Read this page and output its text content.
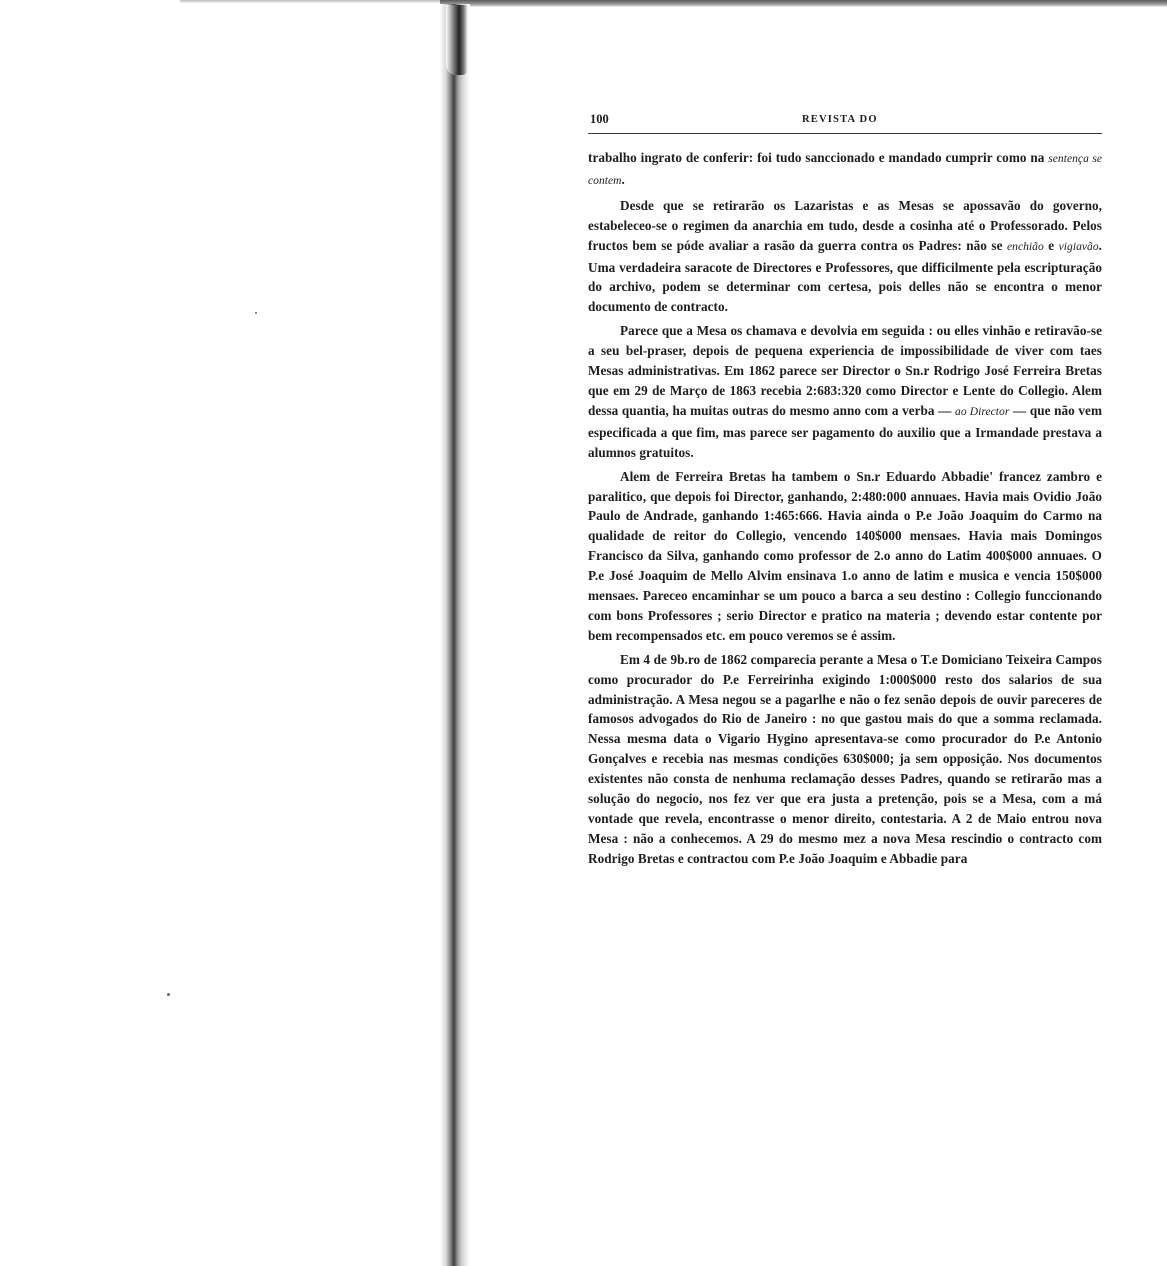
100	REVISTA DO

trabalho ingrato de conferir: foi tudo sanccionado e mandado cumprir como na sentença se contem.

Desde que se retirarão os Lazaristas e as Mesas se apossavão do governo, estabeleceo-se o regimen da anarchia em tudo, desde a cosinha até o Professorado. Pelos fructos bem se póde avaliar a rasão da guerra contra os Padres: não se enchião e vigiavão. Uma verdadeira saracote de Directores e Professores, que difficilmente pela escripturação do archivo, podem se determinar com certesa, pois delles não se encontra o menor documento de contracto.

Parece que a Mesa os chamava e devolvia em seguida : ou elles vinhão e retiravão-se a seu bel-praser, depois de pequena experiencia de impossibilidade de viver com taes Mesas administrativas. Em 1862 parece ser Director o Sn.r Rodrigo José Ferreira Bretas que em 29 de Março de 1863 recebia 2:683:320 como Director e Lente do Collegio. Alem dessa quantia, ha muitas outras do mesmo anno com a verba — ao Director — que não vem especificada a que fim, mas parece ser pagamento do auxilio que a Irmandade prestava a alumnos gratuitos.

Alem de Ferreira Bretas ha tambem o Sn.r Eduardo Abbadie' francez zambro e paralitico, que depois foi Director, ganhando, 2:480:000 annuaes. Havia mais Ovidio João Paulo de Andrade, ganhando 1:465:666. Havia ainda o P.e João Joaquim do Carmo na qualidade de reitor do Collegio, vencendo 140$000 mensaes. Havia mais Domingos Francisco da Silva, ganhando como professor de 2.o anno do Latim 400$000 annuaes. O P.e José Joaquim de Mello Alvim ensinava 1.o anno de latim e musica e vencia 150$000 mensaes. Pareceo encaminhar se um pouco a barca a seu destino : Collegio funccionando com bons Professores ; serio Director e pratico na materia ; devendo estar contente por bem recompensados etc. em pouco veremos se é assim.

Em 4 de 9b.ro de 1862 comparecia perante a Mesa o T.e Domiciano Teixeira Campos como procurador do P.e Ferreirinha exigindo 1:000$000 resto dos salarios de sua administração. A Mesa negou se a pagarlhe e não o fez senão depois de ouvir pareceres de famosos advogados do Rio de Janeiro : no que gastou mais do que a somma reclamada. Nessa mesma data o Vigario Hygino apresentava-se como procurador do P.e Antonio Gonçalves e recebia nas mesmas condições 630$000; ja sem opposição. Nos documentos existentes não consta de nenhuma reclamação desses Padres, quando se retirarão mas a solução do negocio, nos fez ver que era justa a pretenção, pois se a Mesa, com a má vontade que revela, encontrasse o menor direito, contestaria. A 2 de Maio entrou nova Mesa : não a conhecemos. A 29 do mesmo mez a nova Mesa rescindio o contracto com Rodrigo Bretas e contractou com P.e João Joaquim e Abbadie para
